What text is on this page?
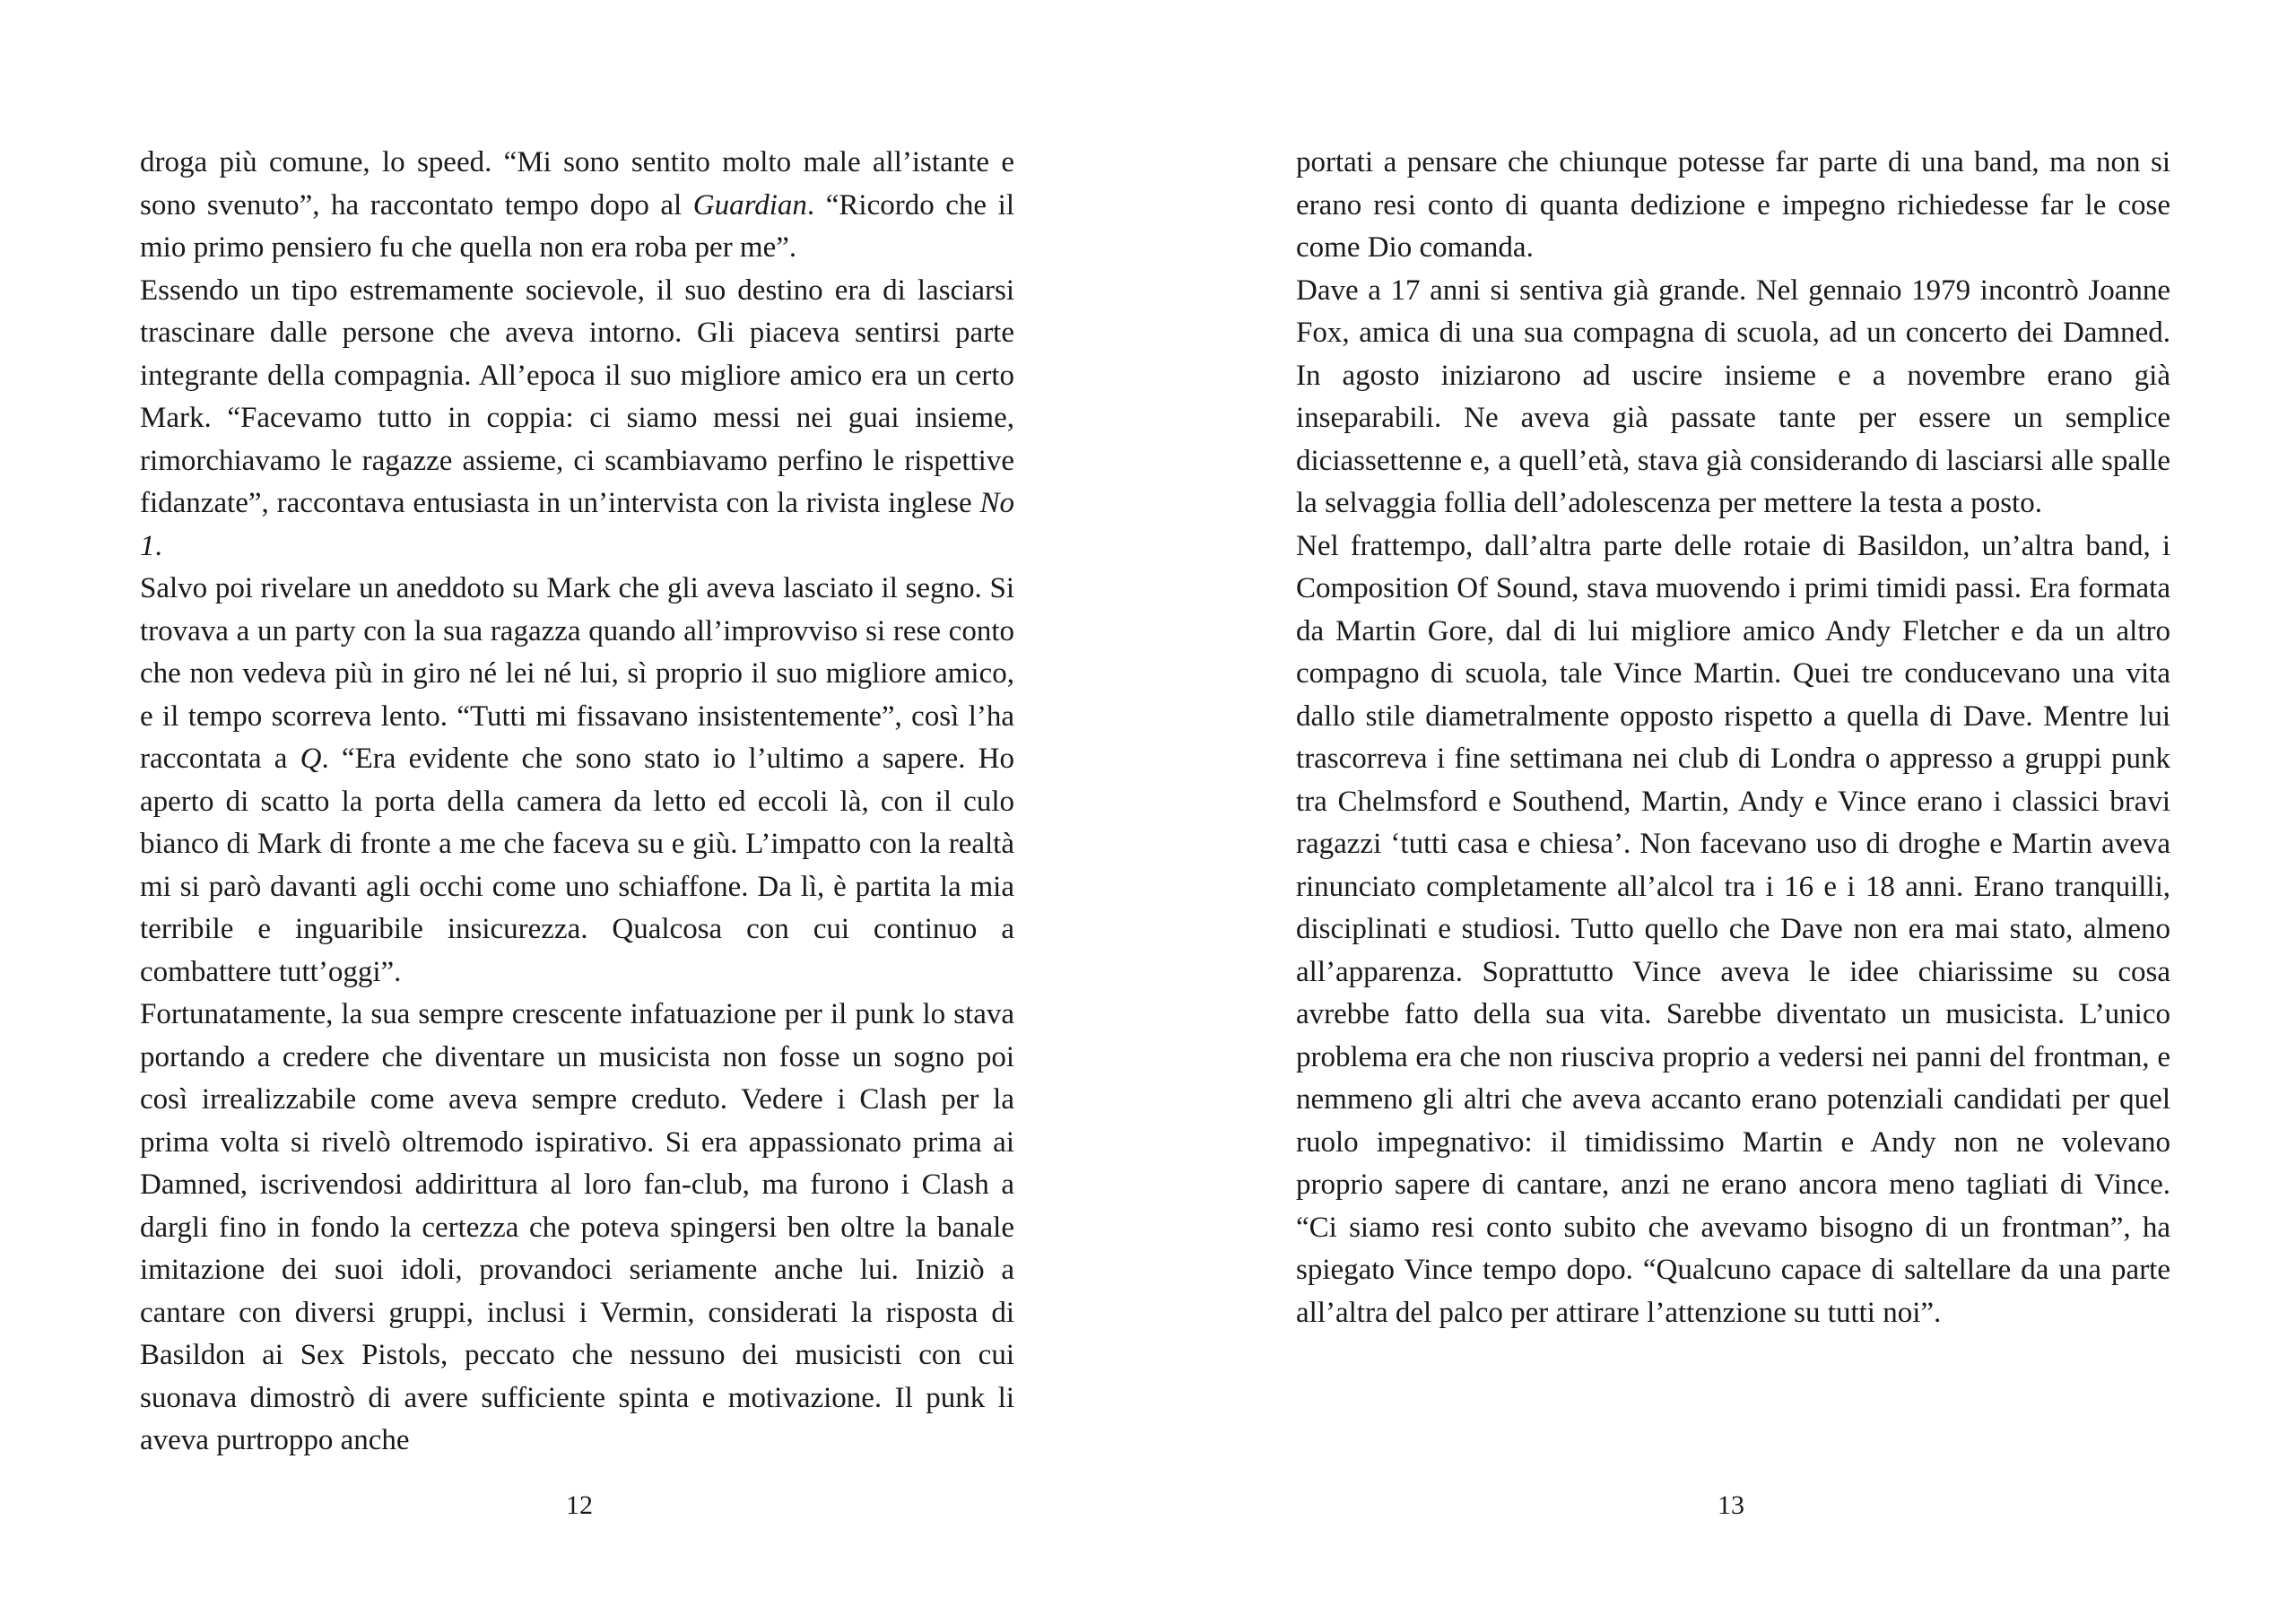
droga più comune, lo speed. “Mi sono sentito molto male all’istante e sono svenuto”, ha raccontato tempo dopo al Guardian. “Ricordo che il mio primo pensiero fu che quella non era roba per me”.

Essendo un tipo estremamente socievole, il suo destino era di lasciarsi trascinare dalle persone che aveva intorno. Gli piaceva sentirsi parte integrante della compagnia. All’epoca il suo migliore amico era un certo Mark. “Facevamo tutto in coppia: ci siamo messi nei guai insieme, rimorchiavamo le ragazze assieme, ci scambiavamo perfino le rispettive fidanzate”, raccontava entusiasta in un’intervista con la rivista inglese No 1.

Salvo poi rivelare un aneddoto su Mark che gli aveva lasciato il segno. Si trovava a un party con la sua ragazza quando all’improvviso si rese conto che non vedeva più in giro né lei né lui, sì proprio il suo migliore amico, e il tempo scorreva lento. “Tutti mi fissavano insistentemente”, così l’ha raccontata a Q. “Era evidente che sono stato io l’ultimo a sapere. Ho aperto di scatto la porta della camera da letto ed eccoli là, con il culo bianco di Mark di fronte a me che faceva su e giù. L’impatto con la realtà mi si parò davanti agli occhi come uno schiaffone. Da lì, è partita la mia terribile e inguaribile insicurezza. Qualcosa con cui continuo a combattere tutt’oggi”.

Fortunatamente, la sua sempre crescente infatuazione per il punk lo stava portando a credere che diventare un musicista non fosse un sogno poi così irrealizzabile come aveva sempre creduto. Vedere i Clash per la prima volta si rivelò oltremodo ispirativo. Si era appassionato prima ai Damned, iscrivendosi addirittura al loro fan-club, ma furono i Clash a dargli fino in fondo la certezza che poteva spingersi ben oltre la banale imitazione dei suoi idoli, provandoci seriamente anche lui. Iniziò a cantare con diversi gruppi, inclusi i Vermin, considerati la risposta di Basildon ai Sex Pistols, peccato che nessuno dei musicisti con cui suonava dimostrò di avere sufficiente spinta e motivazione. Il punk li aveva purtroppo anche

portati a pensare che chiunque potesse far parte di una band, ma non si erano resi conto di quanta dedizione e impegno richiedesse far le cose come Dio comanda.

Dave a 17 anni si sentiva già grande. Nel gennaio 1979 incontrò Joanne Fox, amica di una sua compagna di scuola, ad un concerto dei Damned. In agosto iniziarono ad uscire insieme e a novembre erano già inseparabili. Ne aveva già passate tante per essere un semplice diciassettenne e, a quell’età, stava già considerando di lasciarsi alle spalle la selvaggia follia dell’adolescenza per mettere la testa a posto.

Nel frattempo, dall’altra parte delle rotaie di Basildon, un’altra band, i Composition Of Sound, stava muovendo i primi timidi passi. Era formata da Martin Gore, dal di lui migliore amico Andy Fletcher e da un altro compagno di scuola, tale Vince Martin. Quei tre conducevano una vita dallo stile diametralmente opposto rispetto a quella di Dave. Mentre lui trascorreva i fine settimana nei club di Londra o appresso a gruppi punk tra Chelmsford e Southend, Martin, Andy e Vince erano i classici bravi ragazzi ‘tutti casa e chiesa’. Non facevano uso di droghe e Martin aveva rinunciato completamente all’alcol tra i 16 e i 18 anni. Erano tranquilli, disciplinati e studiosi. Tutto quello che Dave non era mai stato, almeno all’apparenza. Soprattutto Vince aveva le idee chiarissime su cosa avrebbe fatto della sua vita. Sarebbe diventato un musicista. L’unico problema era che non riusciva proprio a vedersi nei panni del frontman, e nemmeno gli altri che aveva accanto erano potenziali candidati per quel ruolo impegnativo: il timidissimo Martin e Andy non ne volevano proprio sapere di cantare, anzi ne erano ancora meno tagliati di Vince. “Ci siamo resi conto subito che avevamo bisogno di un frontman”, ha spiegato Vince tempo dopo. “Qualcuno capace di saltellare da una parte all’altra del palco per attirare l’attenzione su tutti noi”.

12	13
